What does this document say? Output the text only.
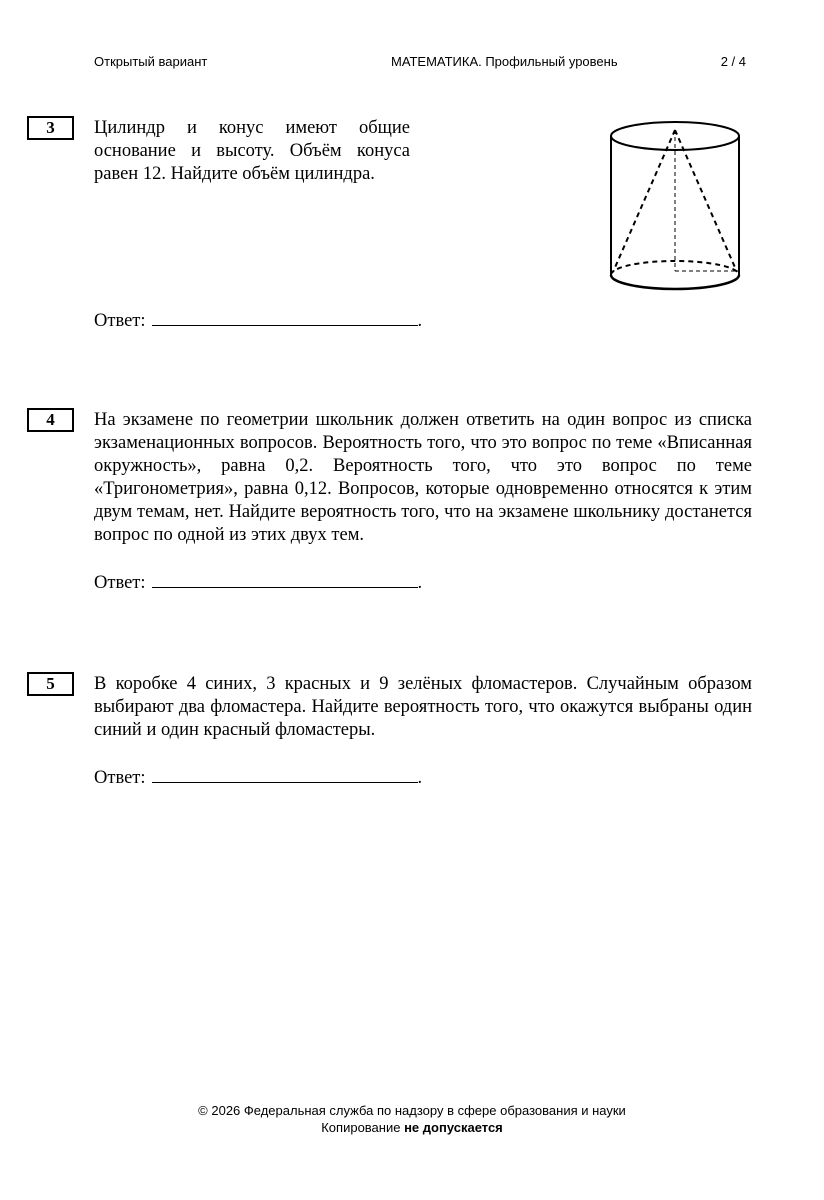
Открытый вариант	МАТЕМАТИКА. Профильный уровень	2 / 4
3	Цилиндр и конус имеют общие основание и высоту. Объём конуса равен 12. Найдите объём цилиндра.
Ответ:	.
4	На экзамене по геометрии школьник должен ответить на один вопрос из списка экзаменационных вопросов. Вероятность того, что это вопрос по теме «Вписанная окружность», равна 0,2. Вероятность того, что это вопрос по теме «Тригонометрия», равна 0,12. Вопросов, которые одновременно относятся к этим двум темам, нет. Найдите вероятность того, что на экзамене школьнику достанется вопрос по одной из этих двух тем.
Ответ:	.
5	В коробке 4 синих, 3 красных и 9 зелёных фломастеров. Случайным образом выбирают два фломастера. Найдите вероятность того, что окажутся выбраны один синий и один красный фломастеры.
Ответ:	.
© 2026 Федеральная служба по надзору в сфере образования и науки
Копирование не допускается
